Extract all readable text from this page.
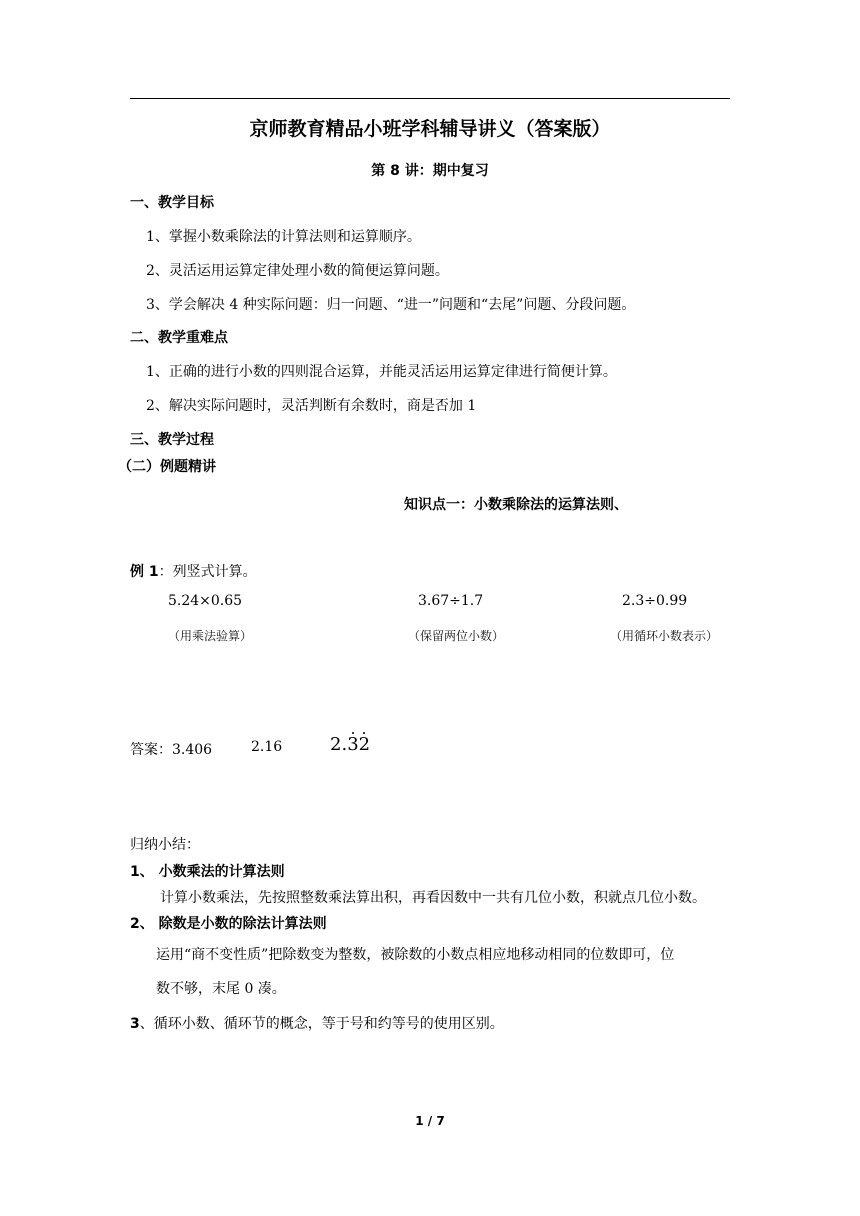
京师教育精品小班学科辅导讲义（答案版）
第 8 讲：期中复习
一、教学目标
1、掌握小数乘除法的计算法则和运算顺序。
2、灵活运用运算定律处理小数的简便运算问题。
3、学会解决 4 种实际问题：归一问题、“进一”问题和“去尾”问题、分段问题。
二、教学重难点
1、正确的进行小数的四则混合运算，并能灵活运用运算定律进行简便计算。
2、解决实际问题时，灵活判断有余数时，商是否加 1
三、教学过程
（二）例题精讲
知识点一：小数乘除法的运算法则、
例 1：列竖式计算。
5.24×0.65	3.67÷1.7	2.3÷0.99
（用乘法验算）	（保留两位小数）	（用循环小数表示）
答案：3.406	2.16	2.32
归纳小结：
1、 小数乘法的计算法则
计算小数乘法，先按照整数乘法算出积，再看因数中一共有几位小数，积就点几位小数。
2、 除数是小数的除法计算法则
运用“商不变性质”把除数变为整数，被除数的小数点相应地移动相同的位数即可，位
数不够，末尾 0 凑。
3、循环小数、循环节的概念，等于号和约等号的使用区别。
1 / 7
